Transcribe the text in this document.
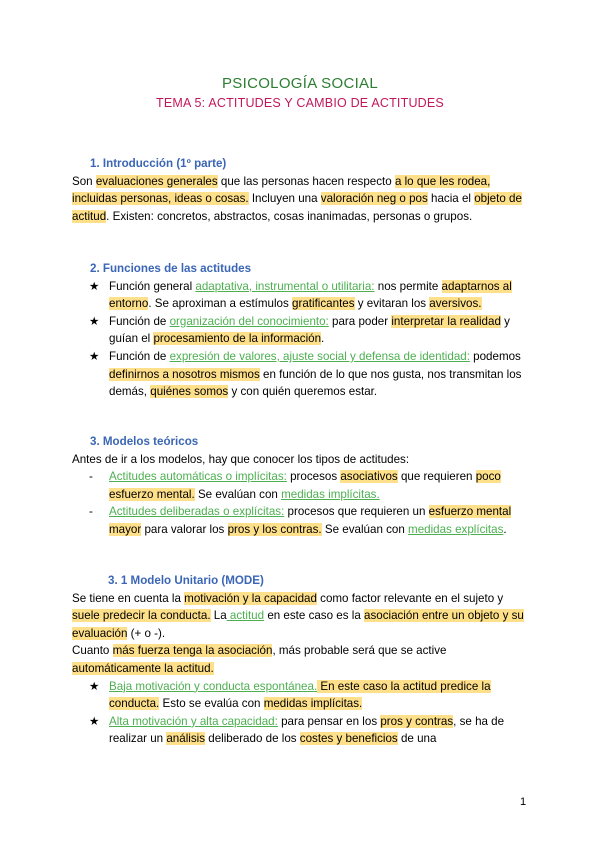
PSICOLOGÍA SOCIAL
TEMA 5: ACTITUDES Y CAMBIO DE ACTITUDES
1. Introducción (1º parte)

Son evaluaciones generales que las personas hacen respecto a lo que les rodea, incluidas personas, ideas o cosas. Incluyen una valoración neg o pos hacia el objeto de actitud. Existen: concretos, abstractos, cosas inanimadas, personas o grupos.

2. Funciones de las actitudes
★ Función general adaptativa, instrumental o utilitaria: nos permite adaptarnos al entorno. Se aproximan a estímulos gratificantes y evitaran los aversivos.
★ Función de organización del conocimiento: para poder interpretar la realidad y guían el procesamiento de la información.
★ Función de expresión de valores, ajuste social y defensa de identidad: podemos definirnos a nosotros mismos en función de lo que nos gusta, nos transmitan los demás, quiénes somos y con quién queremos estar.
3. Modelos teóricos

Antes de ir a los modelos, hay que conocer los tipos de actitudes:

- Actitudes automáticas o implícitas: procesos asociativos que requieren poco esfuerzo mental. Se evalúan con medidas implícitas.
- Actitudes deliberadas o explícitas: procesos que requieren un esfuerzo mental mayor para valorar los pros y los contras. Se evalúan con medidas explícitas.
3. 1 Modelo Unitario (MODE)

Se tiene en cuenta la motivación y la capacidad como factor relevante en el sujeto y suele predecir la conducta. La actitud en este caso es la asociación entre un objeto y su evaluación (+ o -).

Cuanto más fuerza tenga la asociación, más probable será que se active automáticamente la actitud.

★ Baja motivación y conducta espontánea. En este caso la actitud predice la conducta. Esto se evalúa con medidas implícitas.
★ Alta motivación y alta capacidad: para pensar en los pros y contras, se ha de realizar un análisis deliberado de los costes y beneficios de una
1
